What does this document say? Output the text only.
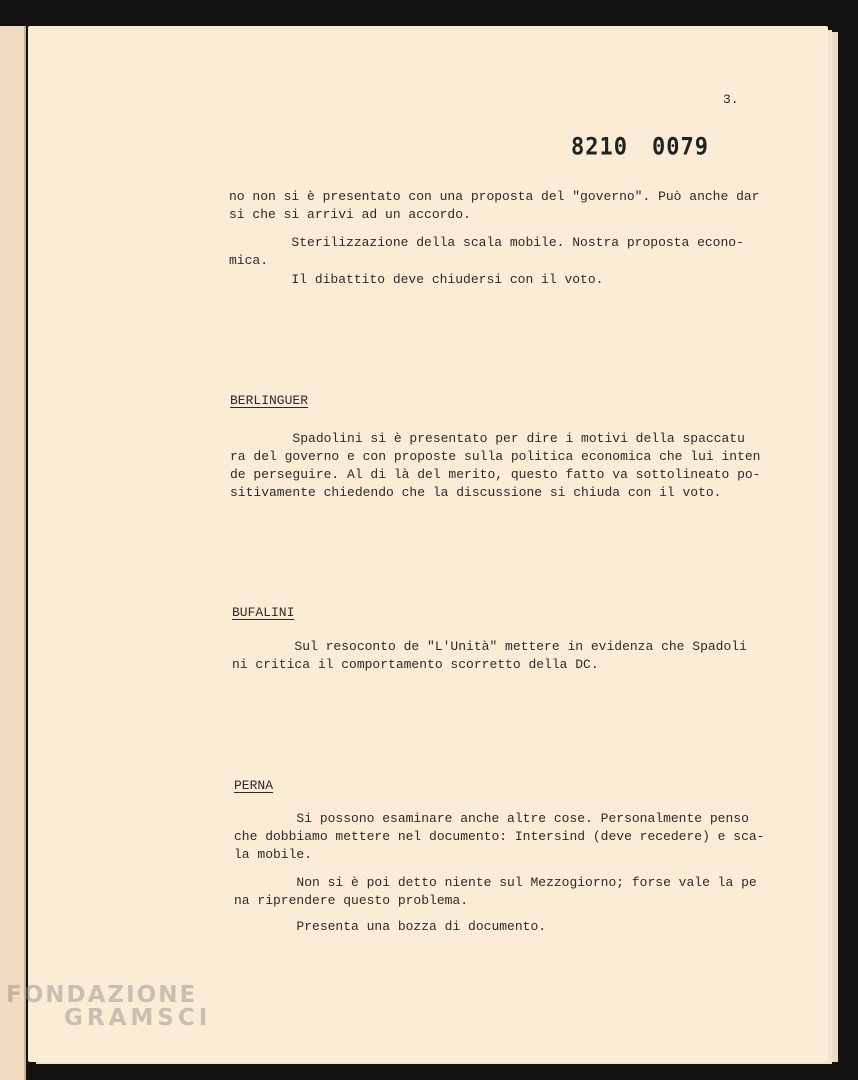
3.
8210 0079

no non si è presentato con una proposta del "governo". Può anche dar

si che si arrivi ad un accordo.

Sterilizzazione della scala mobile. Nostra proposta econo-

mica.

Il dibattito deve chiudersi con il voto.

BERLINGUER

Spadolini si è presentato per dire i motivi della spaccatu

ra del governo e con proposte sulla politica economica che lui inten

de perseguire. Al di là del merito, questo fatto va sottolineato po-

sitivamente chiedendo che la discussione si chiuda con il voto.

BUFALINI

Sul resoconto de "L'Unità" mettere in evidenza che Spadoli

ni critica il comportamento scorretto della DC.

PERNA

Si possono esaminare anche altre cose. Personalmente penso

che dobbiamo mettere nel documento: Intersind (deve recedere) e sca-

la mobile.

Non si è poi detto niente sul Mezzogiorno; forse vale la pe

na riprendere questo problema.

Presenta una bozza di documento.

FONDAZIONE
GRAMSCI
